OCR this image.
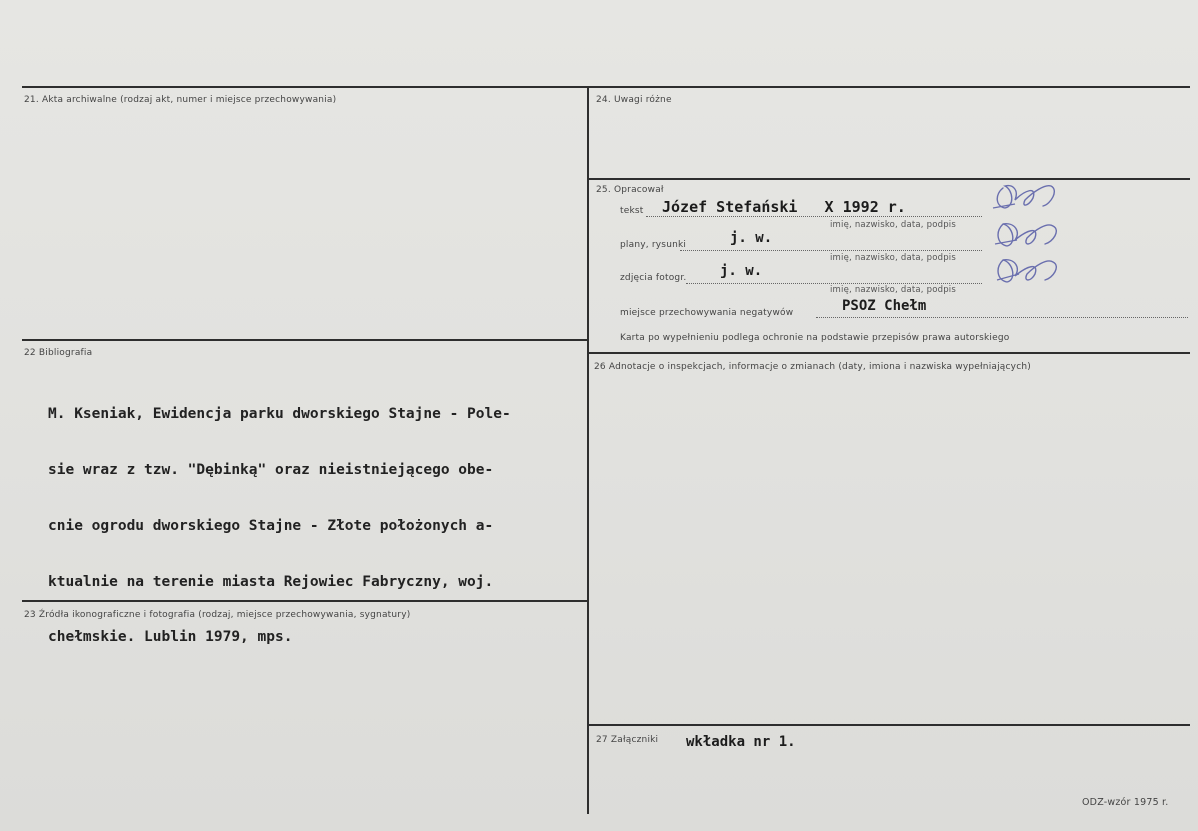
21. Akta archiwalne (rodzaj akt, numer i miejsce przechowywania)
22 Bibliografia

M. Kseniak, Ewidencja parku dworskiego Stajne - Pole-

sie wraz z tzw. "Dębinką" oraz nieistniejącego obe-

cnie ogrodu dworskiego Stajne - Złote położonych a-

ktualnie na terenie miasta Rejowiec Fabryczny, woj.

chełmskie. Lublin 1979, mps.

23 Źródła ikonograficzne i fotografia (rodzaj, miejsce przechowywania, sygnatury)
24. Uwagi różne
25. Opracował
tekst Józef Stefański   X 1992 r.
imię, nazwisko, data, podpis
plany, rysunki	j. w.
imię, nazwisko, data, podpis
zdjęcia fotogr. j. w.
imię, nazwisko, data, podpis
miejsce przechowywania negatywów	PSOZ Chełm
Karta po wypełnieniu podlega ochronie na podstawie przepisów prawa autorskiego
26 Adnotacje o inspekcjach, informacje o zmianach (daty, imiona i nazwiska wypełniających)
27 Załączniki wkładka nr 1.
ODZ-wzór 1975 r.
